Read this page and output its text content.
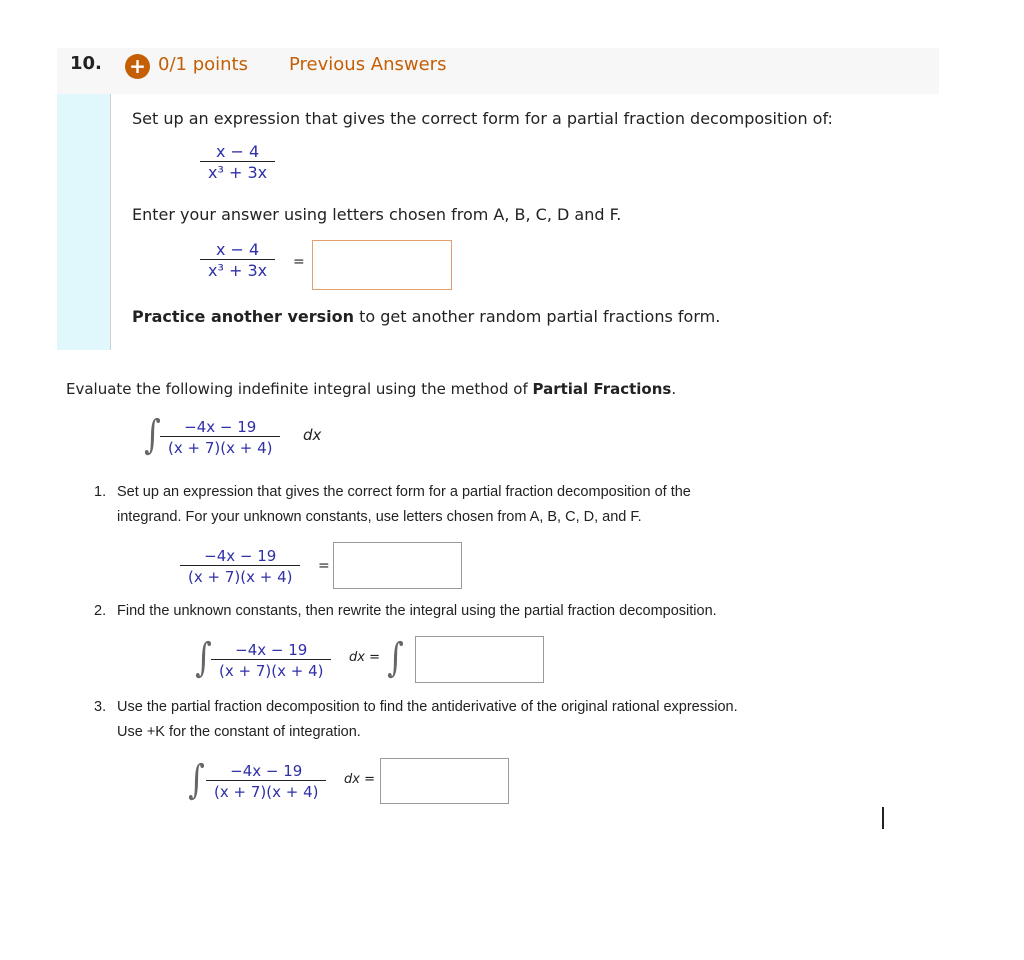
10. + 0/1 points Previous Answers
Set up an expression that gives the correct form for a partial fraction decomposition of:
$\frac{x - 4}{\text{x³ + 3x}}$
Enter your answer using letters chosen from A, B, C, D and F.
$\frac{x - 4}{\text{x³ + 3x}}$ =
Practice another version to get another random partial fractions form.
Evaluate the following indefinite integral using the method of Partial Fractions.
∫ $\frac{-4x - 19}{(x + 7)(x + 4)}$ dx
1. Set up an expression that gives the correct form for a partial fraction decomposition of the
integrand. For your unknown constants, use letters chosen from A, B, C, D, and F.
$\frac{-4x - 19}{(x + 7)(x + 4)}$ =
2. Find the unknown constants, then rewrite the integral using the partial fraction decomposition.
∫ $\frac{-4x - 19}{(x + 7)(x + 4)}$ dx = ∫
3. Use the partial fraction decomposition to find the antiderivative of the original rational expression.
Use +K for the constant of integration.
∫ $\frac{-4x - 19}{(x + 7)(x + 4)}$ dx =
